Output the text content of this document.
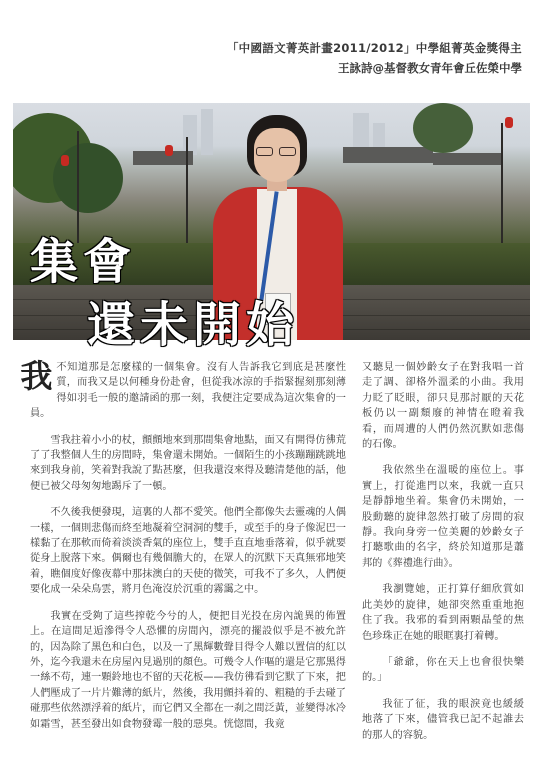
「中國語文菁英計畫2011/2012」中學組菁英金獎得主
王詠詩@基督教女青年會丘佐榮中學
集會
還未開始

我不知道那是怎麼樣的一個集會。沒有人告訴我它到底是甚麼性質，而我又是以何種身份赴會，但從我冰涼的手指緊握刻那刻薄得如羽毛一般的邀請函的那一刻，我便注定要成為這次集會的一員。

雪我拄着小小的杖，顫顫地來到那間集會地點，面又有開得仿彿荒了了我整個人生的房間時，集會還未開始。一個陌生的小孩蹦蹦跳跳地來到我身前，笑着對我說了點甚麼，但我還沒來得及聽清楚他的話，他便已被父母匆匆地踢斥了一頓。

不久後我便發現，這裏的人都不愛笑。他們全都像失去靈魂的人偶一樣，一個則悲傷而終至地凝着空洞洞的雙手，或至手的身子像泥巴一樣黏了在那軟而倚着淡淡香氣的座位上，雙手直直地垂落着，似乎就要從身上脫落下來。偶爾也有幾個膽大的，在眾人的沉默下天真無邪地笑着，瞧個度好像夜幕中那抹澳白的天使的微笑，可我不了多久，人們便要化成一朵朵鳥雲，將月色淹沒於沉重的霧靄之中。

我實在受夠了這些搾乾今兮的人，便把目光投在房內詭異的佈置上。在這間足逅滲得令人恐懼的房間內，漂亮的擺設似乎是不被允許的，因為除了黑色和白色，以及一了黑輝數聲目得令人難以置信的紅以外，迄今我還未在房屋內見過別的顏色。可幾令人作嘔的還是它那黑得一絲不苟，連一顆鈴地也不留的天花板——我仿彿看到它默了下來，把人們壓成了一片片難薄的紙片，然後，我用顫抖着的、粗糙的手去碰了碰那些依然漂浮着的紙片，而它們又全都在一刹之間泛黃，並變得冰冷如霜雪，甚至發出如食物發霉一般的惡臭。恍惚間，我竟

又聽見一個妙齡女子在對我唱一首走了調、卻格外溫柔的小曲。我用力眨了眨眼，卻只見那討厭的天花板仍以一副頹廢的神情在瞪着我看，而周遭的人們仍然沉默如悲傷的石像。

我依然坐在溫暖的座位上。事實上，打從進門以來，我就一直只是靜靜地坐着。集會仍未開始，一股動聽的旋律忽然打破了房間的寂靜。我向身旁一位美麗的妙齡女子打聽歌曲的名字，終於知道那是蕭邦的《葬禮進行曲》。

我瀏覽她，正打算仔細欣賞如此美妙的旋律，她卻突然重重地抱住了我。我邪的看到兩顆晶瑩的焦色珍珠正在她的眼眶裏打着轉。

「爺爺，你在天上也會很快樂的。」

我征了征，我的眼淚竟也緩緩地落了下來，儘管我已記不起誰去的那人的容貌。
